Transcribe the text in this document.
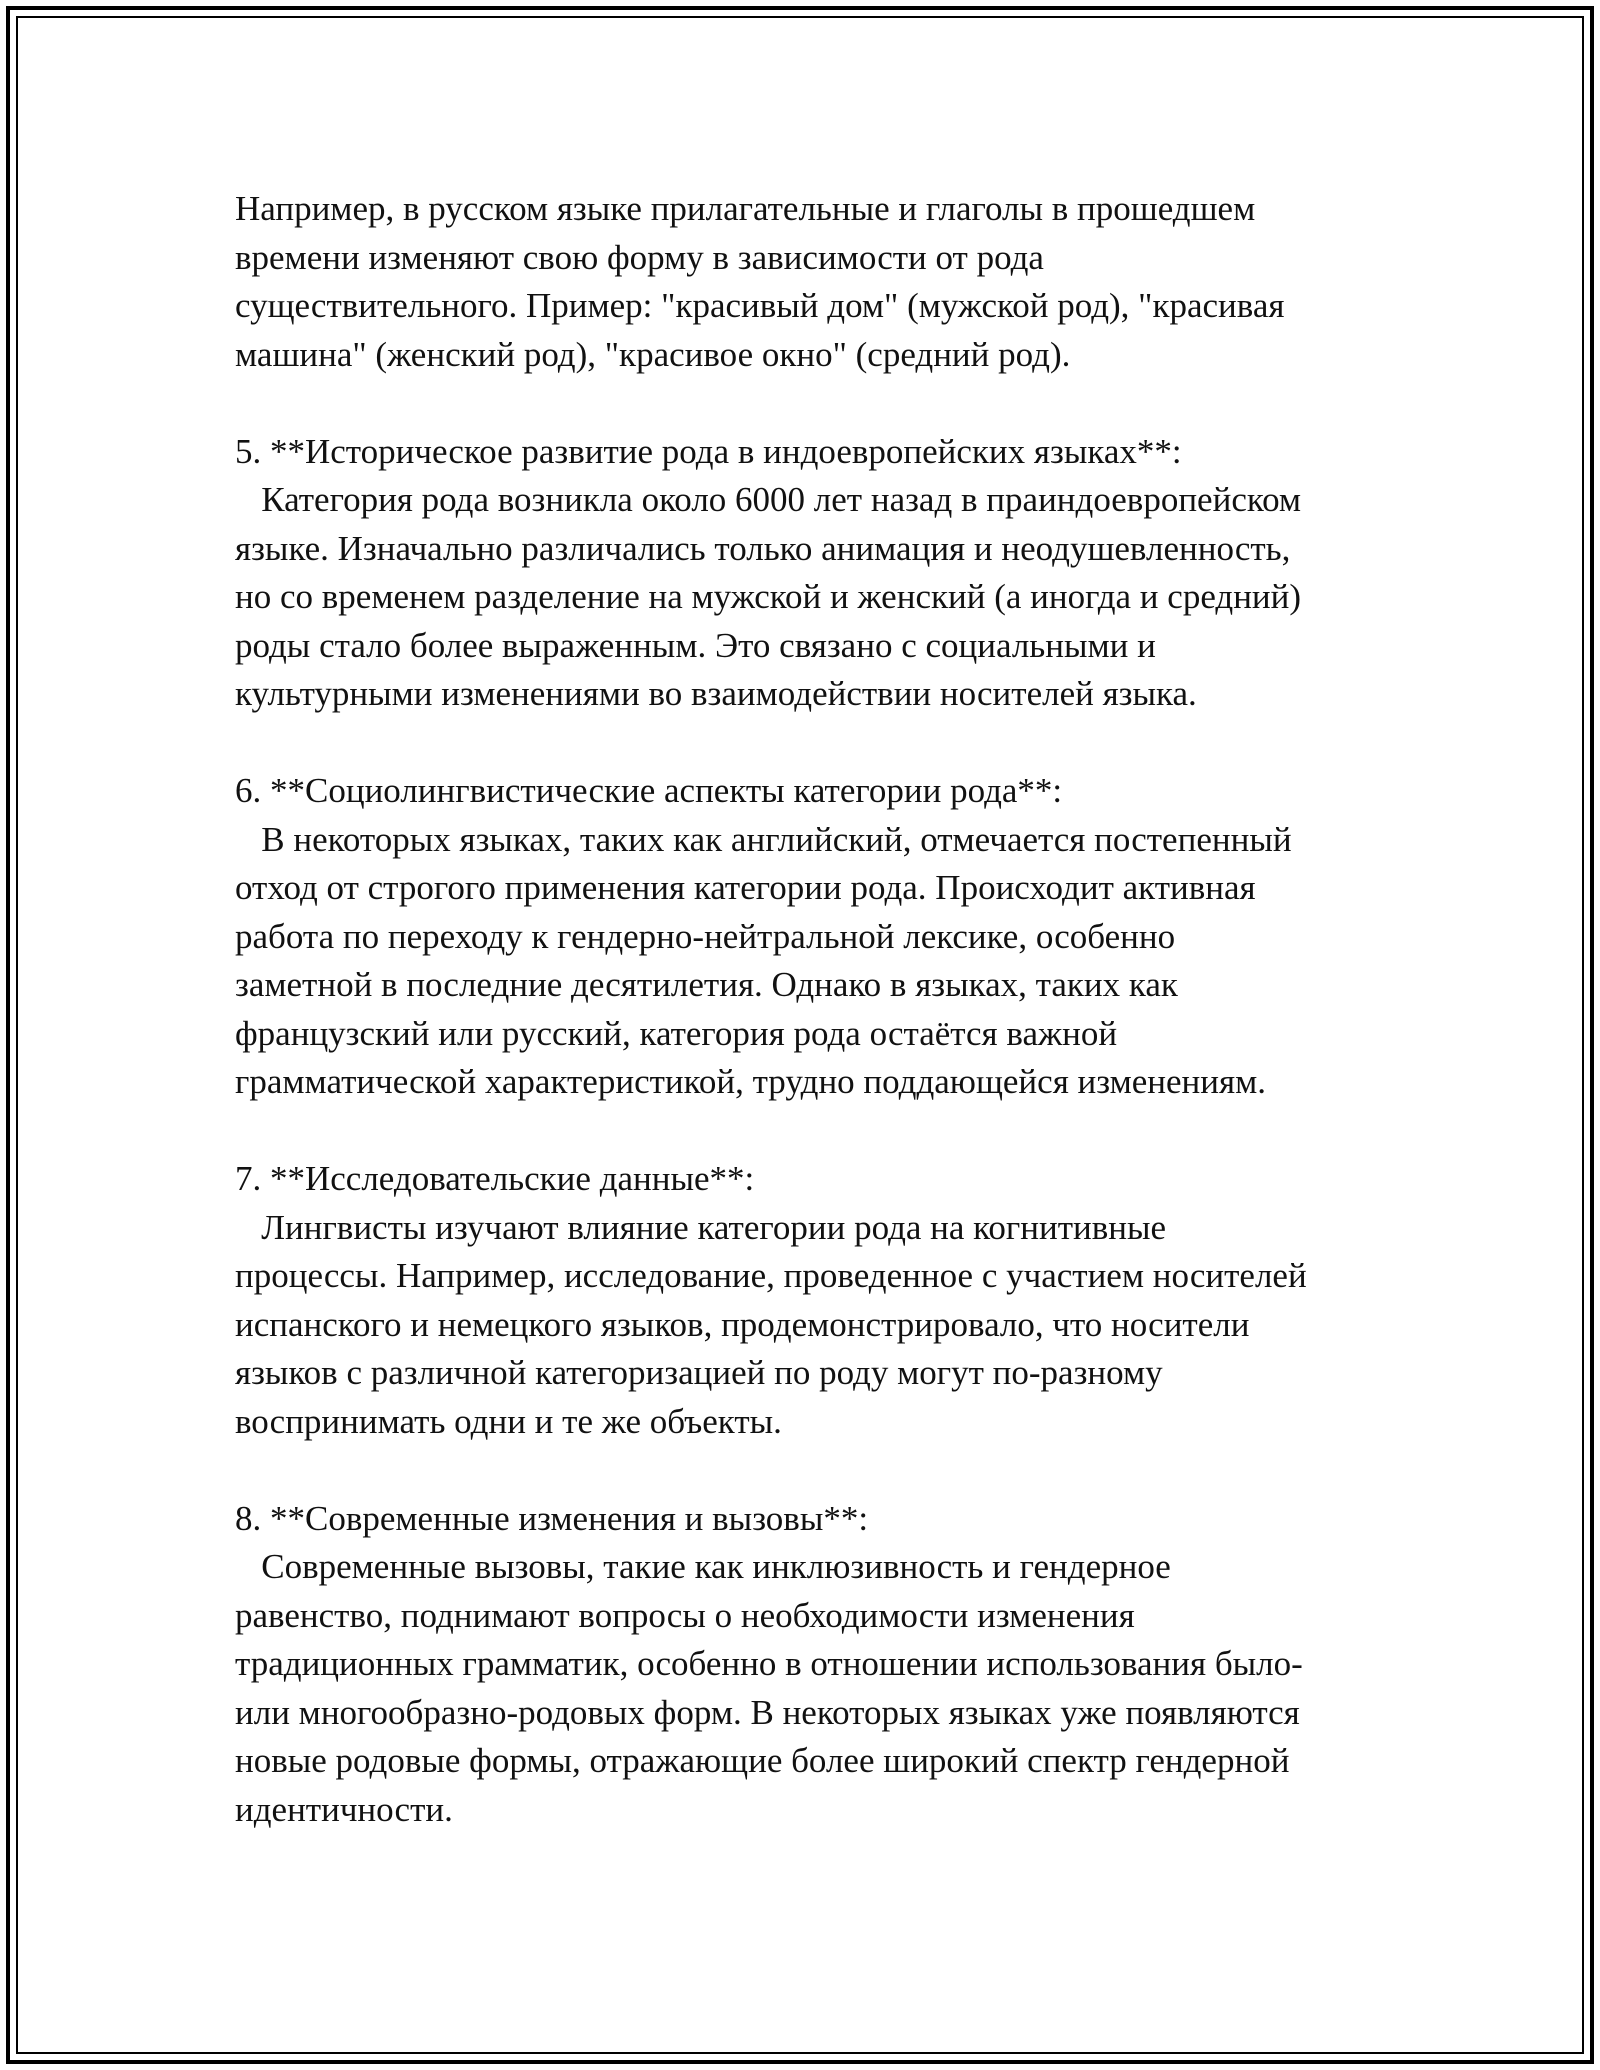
Например, в русском языке прилагательные и глаголы в прошедшем
времени изменяют свою форму в зависимости от рода
существительного. Пример: "красивый дом" (мужской род), "красивая
машина" (женский род), "красивое окно" (средний род).
5. **Историческое развитие рода в индоевропейских языках**:
Категория рода возникла около 6000 лет назад в праиндоевропейском
языке. Изначально различались только анимация и неодушевленность,
но со временем разделение на мужской и женский (а иногда и средний)
роды стало более выраженным. Это связано с социальными и
культурными изменениями во взаимодействии носителей языка.
6. **Социолингвистические аспекты категории рода**:
В некоторых языках, таких как английский, отмечается постепенный
отход от строгого применения категории рода. Происходит активная
работа по переходу к гендерно-нейтральной лексике, особенно
заметной в последние десятилетия. Однако в языках, таких как
французский или русский, категория рода остаётся важной
грамматической характеристикой, трудно поддающейся изменениям.
7. **Исследовательские данные**:
Лингвисты изучают влияние категории рода на когнитивные
процессы. Например, исследование, проведенное с участием носителей
испанского и немецкого языков, продемонстрировало, что носители
языков с различной категоризацией по роду могут по-разному
воспринимать одни и те же объекты.
8. **Современные изменения и вызовы**:
Современные вызовы, такие как инклюзивность и гендерное
равенство, поднимают вопросы о необходимости изменения
традиционных грамматик, особенно в отношении использования было-
или многообразно-родовых форм. В некоторых языках уже появляются
новые родовые формы, отражающие более широкий спектр гендерной
идентичности.
